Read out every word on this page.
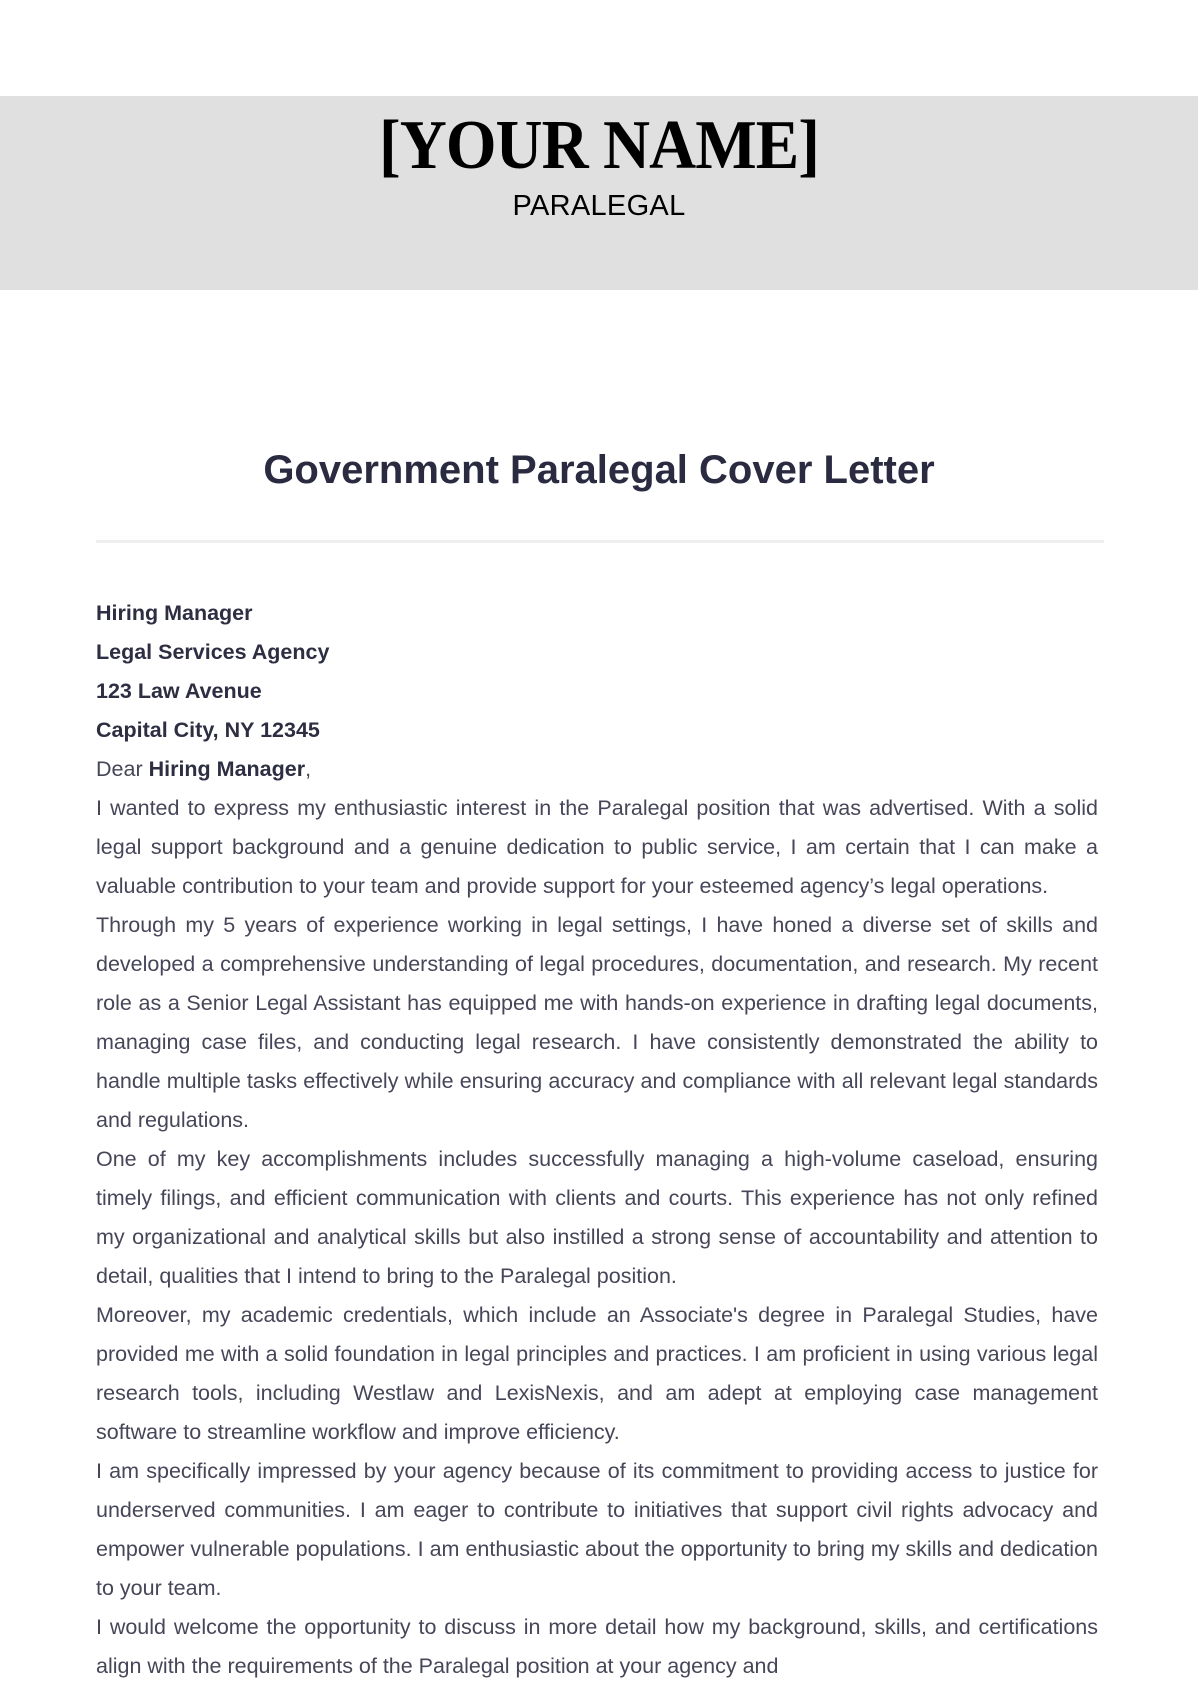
[YOUR NAME]
PARALEGAL
Government Paralegal Cover Letter

Hiring Manager

Legal Services Agency

123 Law Avenue

Capital City, NY 12345

Dear Hiring Manager,

I wanted to express my enthusiastic interest in the Paralegal position that was advertised. With a solid legal support background and a genuine dedication to public service, I am certain that I can make a valuable contribution to your team and provide support for your esteemed agency’s legal operations.

Through my 5 years of experience working in legal settings, I have honed a diverse set of skills and developed a comprehensive understanding of legal procedures, documentation, and research. My recent role as a Senior Legal Assistant has equipped me with hands-on experience in drafting legal documents, managing case files, and conducting legal research. I have consistently demonstrated the ability to handle multiple tasks effectively while ensuring accuracy and compliance with all relevant legal standards and regulations.

One of my key accomplishments includes successfully managing a high-volume caseload, ensuring timely filings, and efficient communication with clients and courts. This experience has not only refined my organizational and analytical skills but also instilled a strong sense of accountability and attention to detail, qualities that I intend to bring to the Paralegal position.

Moreover, my academic credentials, which include an Associate's degree in Paralegal Studies, have provided me with a solid foundation in legal principles and practices. I am proficient in using various legal research tools, including Westlaw and LexisNexis, and am adept at employing case management software to streamline workflow and improve efficiency.

I am specifically impressed by your agency because of its commitment to providing access to justice for underserved communities. I am eager to contribute to initiatives that support civil rights advocacy and empower vulnerable populations. I am enthusiastic about the opportunity to bring my skills and dedication to your team.

I would welcome the opportunity to discuss in more detail how my background, skills, and certifications align with the requirements of the Paralegal position at your agency and
